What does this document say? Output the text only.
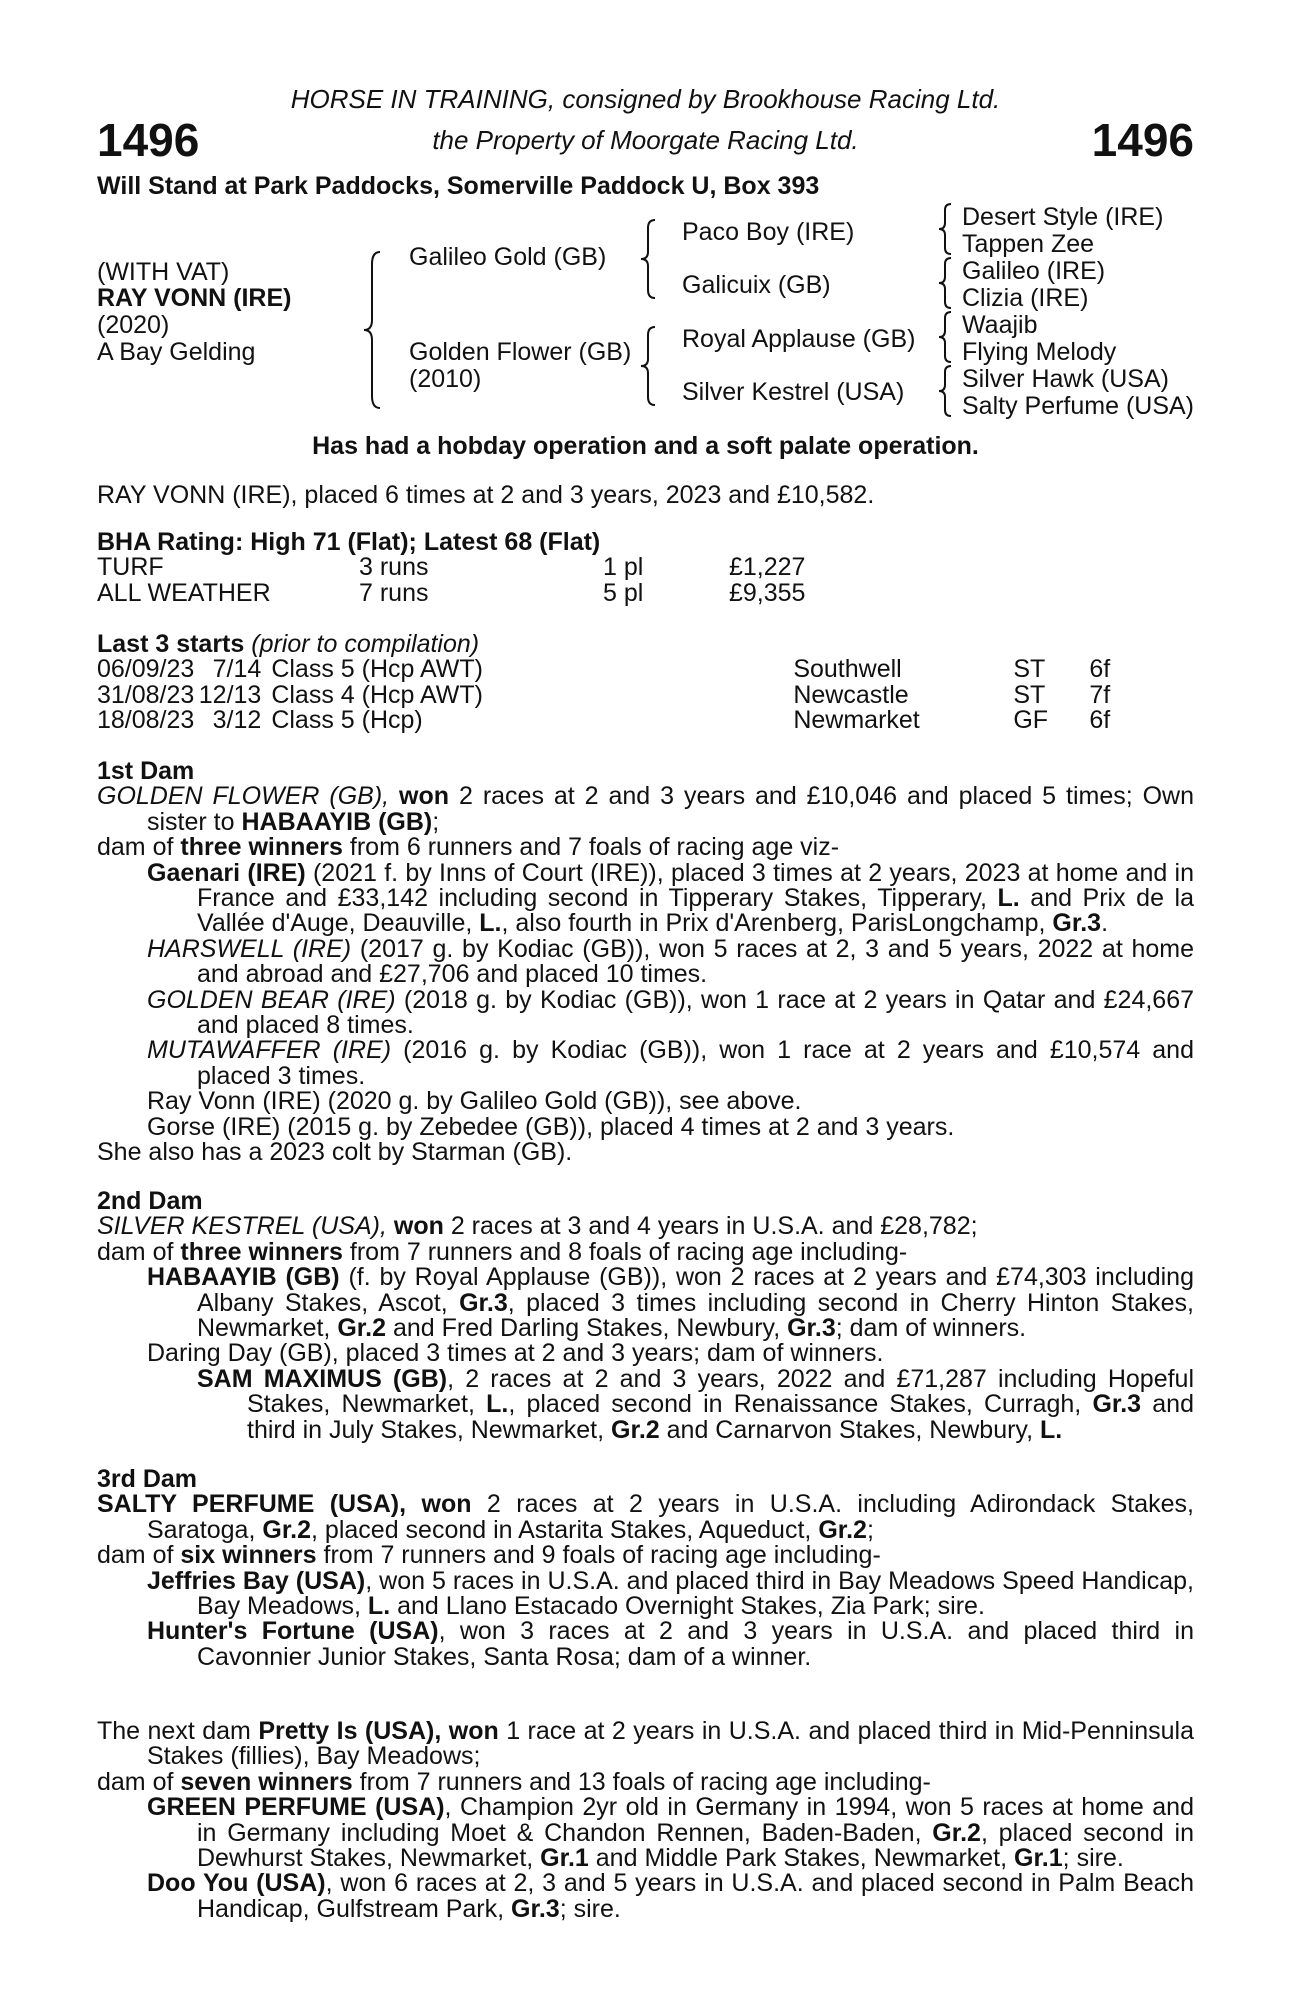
HORSE IN TRAINING, consigned by Brookhouse Racing Ltd.
the Property of Moorgate Racing Ltd.
1496	1496
Will Stand at Park Paddocks, Somerville Paddock U, Box 393
(WITH VAT)
RAY VONN (IRE)
(2020)
A Bay Gelding
Galileo Gold (GB)
Golden Flower (GB)
(2010)
Paco Boy (IRE)
Galicuix (GB)
Royal Applause (GB)
Silver Kestrel (USA)
Desert Style (IRE)
Tappen Zee
Galileo (IRE)
Clizia (IRE)
Waajib
Flying Melody
Silver Hawk (USA)
Salty Perfume (USA)
Has had a hobday operation and a soft palate operation.
RAY VONN (IRE), placed 6 times at 2 and 3 years, 2023 and £10,582.
BHA Rating: High 71 (Flat); Latest 68 (Flat)
TURF	3 runs	1 pl	£1,227
ALL WEATHER	7 runs	5 pl	£9,355
Last 3 starts (prior to compilation)
06/09/23	7/14	Class 5 (Hcp AWT)	Southwell	ST	6f
31/08/23	12/13	Class 4 (Hcp AWT)	Newcastle	ST	7f
18/08/23	3/12	Class 5 (Hcp)	Newmarket	GF	6f
1st Dam

GOLDEN FLOWER (GB), won 2 races at 2 and 3 years and £10,046 and placed 5 times; Own sister to HABAAYIB (GB);

dam of three winners from 6 runners and 7 foals of racing age viz-

Gaenari (IRE) (2021 f. by Inns of Court (IRE)), placed 3 times at 2 years, 2023 at home and in France and £33,142 including second in Tipperary Stakes, Tipperary, L. and Prix de la Vallée d'Auge, Deauville, L., also fourth in Prix d'Arenberg, ParisLongchamp, Gr.3.

HARSWELL (IRE) (2017 g. by Kodiac (GB)), won 5 races at 2, 3 and 5 years, 2022 at home and abroad and £27,706 and placed 10 times.

GOLDEN BEAR (IRE) (2018 g. by Kodiac (GB)), won 1 race at 2 years in Qatar and £24,667 and placed 8 times.

MUTAWAFFER (IRE) (2016 g. by Kodiac (GB)), won 1 race at 2 years and £10,574 and placed 3 times.

Ray Vonn (IRE) (2020 g. by Galileo Gold (GB)), see above.

Gorse (IRE) (2015 g. by Zebedee (GB)), placed 4 times at 2 and 3 years.

She also has a 2023 colt by Starman (GB).

2nd Dam

SILVER KESTREL (USA), won 2 races at 3 and 4 years in U.S.A. and £28,782;

dam of three winners from 7 runners and 8 foals of racing age including-

HABAAYIB (GB) (f. by Royal Applause (GB)), won 2 races at 2 years and £74,303 including Albany Stakes, Ascot, Gr.3, placed 3 times including second in Cherry Hinton Stakes, Newmarket, Gr.2 and Fred Darling Stakes, Newbury, Gr.3; dam of winners.

Daring Day (GB), placed 3 times at 2 and 3 years; dam of winners.

SAM MAXIMUS (GB), 2 races at 2 and 3 years, 2022 and £71,287 including Hopeful Stakes, Newmarket, L., placed second in Renaissance Stakes, Curragh, Gr.3 and third in July Stakes, Newmarket, Gr.2 and Carnarvon Stakes, Newbury, L.

3rd Dam

SALTY PERFUME (USA), won 2 races at 2 years in U.S.A. including Adirondack Stakes, Saratoga, Gr.2, placed second in Astarita Stakes, Aqueduct, Gr.2;

dam of six winners from 7 runners and 9 foals of racing age including-

Jeffries Bay (USA), won 5 races in U.S.A. and placed third in Bay Meadows Speed Handicap, Bay Meadows, L. and Llano Estacado Overnight Stakes, Zia Park; sire.

Hunter's Fortune (USA), won 3 races at 2 and 3 years in U.S.A. and placed third in Cavonnier Junior Stakes, Santa Rosa; dam of a winner.

The next dam Pretty Is (USA), won 1 race at 2 years in U.S.A. and placed third in Mid-Penninsula Stakes (fillies), Bay Meadows;

dam of seven winners from 7 runners and 13 foals of racing age including-

GREEN PERFUME (USA), Champion 2yr old in Germany in 1994, won 5 races at home and in Germany including Moet & Chandon Rennen, Baden-Baden, Gr.2, placed second in Dewhurst Stakes, Newmarket, Gr.1 and Middle Park Stakes, Newmarket, Gr.1; sire.

Doo You (USA), won 6 races at 2, 3 and 5 years in U.S.A. and placed second in Palm Beach Handicap, Gulfstream Park, Gr.3; sire.
